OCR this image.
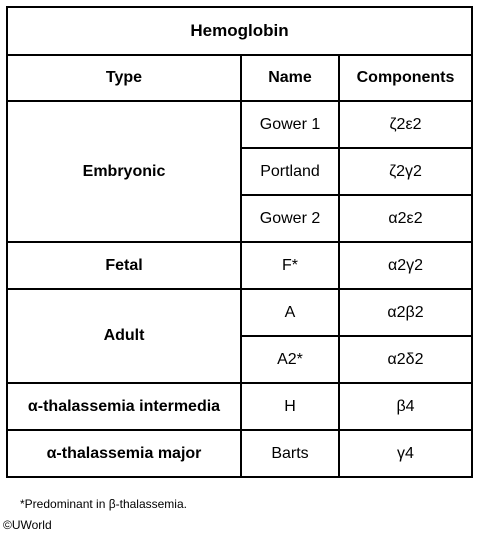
Hemoglobin		
Type	Name	Components
Embryonic	Gower 1	ζ2ε2
	Portland	ζ2γ2
	Gower 2	α2ε2
Fetal	F*	α2γ2
Adult	A	α2β2
	A2*	α2δ2
α-thalassemia intermedia	H	β4
α-thalassemia major	Barts	γ4
*Predominant in β-thalassemia.
©UWorld
